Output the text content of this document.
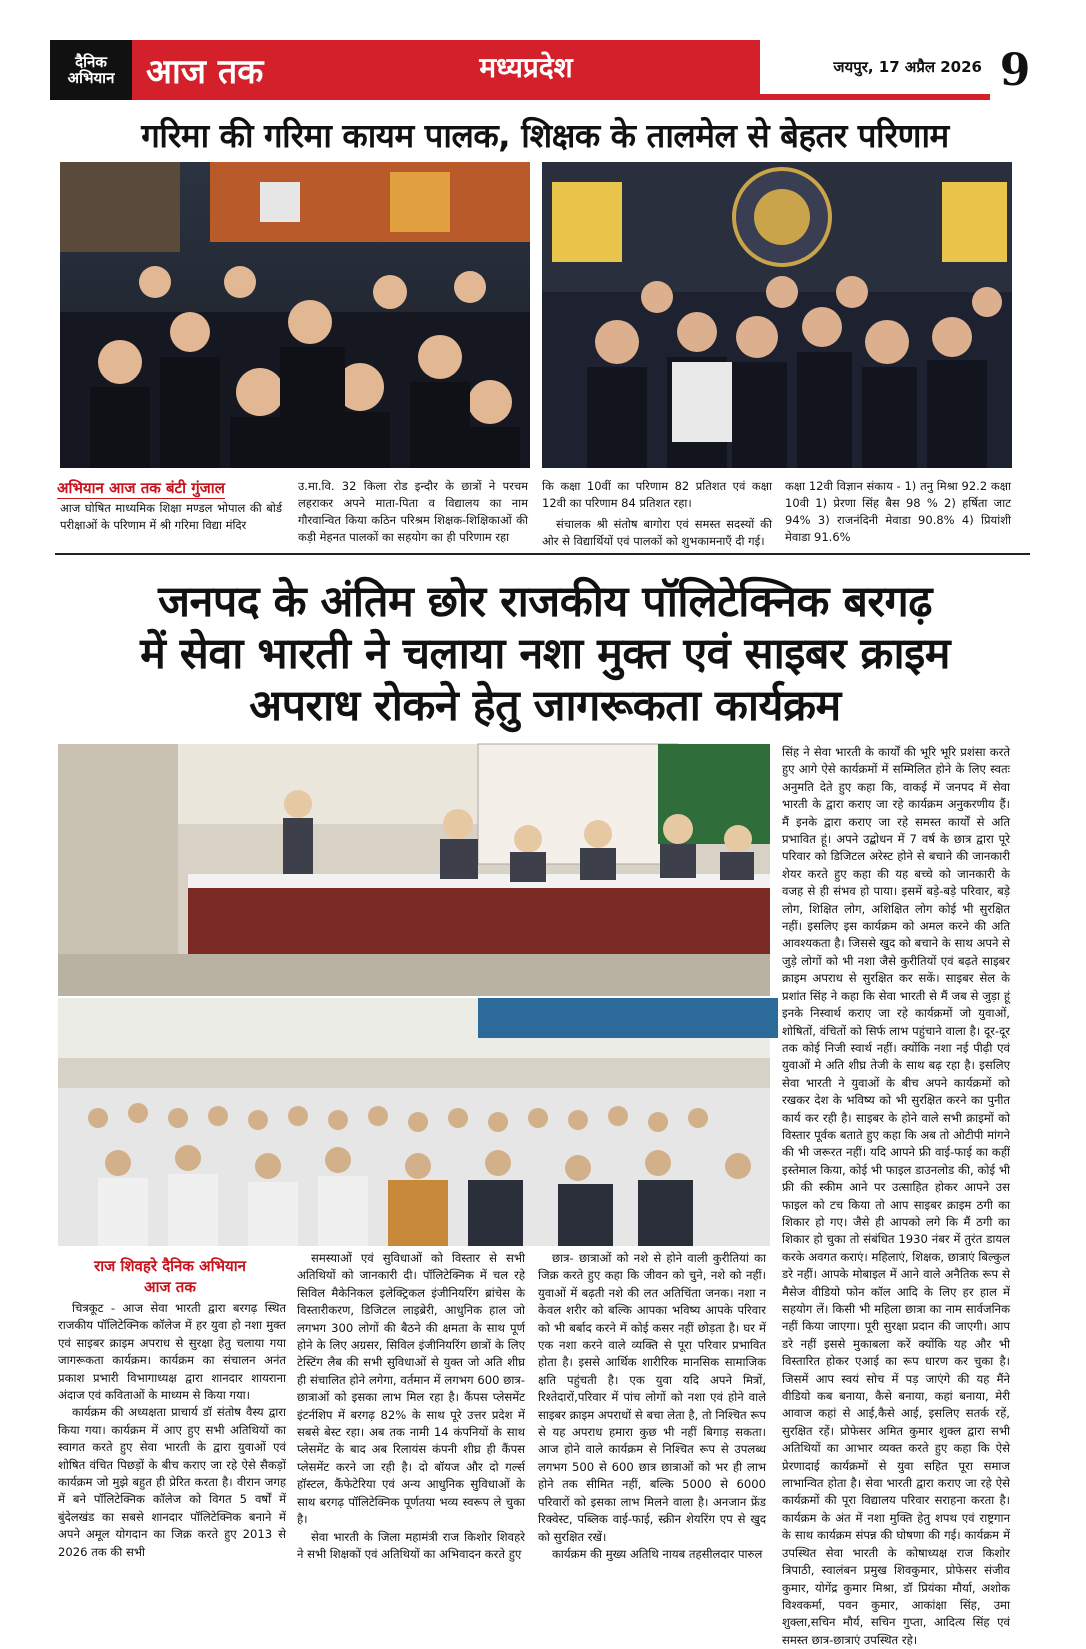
दैनिक
अभियान आज तक	मध्यप्रदेश	जयपुर, 17 अप्रैल 2026 9
गरिमा की गरिमा कायम पालक, शिक्षक के तालमेल से बेहतर परिणाम
अभियान आज तक बंटी गुंजाल
आज घोषित माध्यमिक शिक्षा मण्डल भोपाल की बोर्ड परीक्षाओं के परिणाम में श्री गरिमा विद्या मंदिर
उ.मा.वि. 32 किला रोड इन्दौर के छात्रों ने परचम लहराकर अपने माता-पिता व विद्यालय का नाम गौरवान्वित किया कठिन परिश्रम शिक्षक-शिक्षिकाओं की कड़ी मेहनत पालकों का सहयोग का ही परिणाम रहा
कि कक्षा 10वीं का परिणाम 82 प्रतिशत एवं कक्षा 12वी का परिणाम 84 प्रतिशत रहा।
संचालक श्री संतोष बागोरा एवं समस्त सदस्यों की ओर से विद्यार्थियों एवं पालकों को शुभकामनाएँ दी गई।
कक्षा 12वी विज्ञान संकाय - 1) तनु मिश्रा 92.2 कक्षा 10वी 1) प्रेरणा सिंह बैस 98 % 2) हर्षिता जाट 94% 3) राजनंदिनी मेवाडा 90.8% 4) प्रियांशी मेवाडा 91.6%
जनपद के अंतिम छोर राजकीय पॉलिटेक्निक बरगढ़
में सेवा भारती ने चलाया नशा मुक्त एवं साइबर क्राइम
अपराध रोकने हेतु जागरूकता कार्यक्रम
राज शिवहरे दैनिक अभियान
आज तक

चित्रकूट - आज सेवा भारती द्वारा बरगढ़ स्थित राजकीय पॉलिटेक्निक कॉलेज में हर युवा हो नशा मुक्त एवं साइबर क्राइम अपराध से सुरक्षा हेतु चलाया गया जागरूकता कार्यक्रम। कार्यक्रम का संचालन अनंत प्रकाश प्रभारी विभागाध्यक्ष द्वारा शानदार शायराना अंदाज एवं कविताओं के माध्यम से किया गया।

कार्यक्रम की अध्यक्षता प्राचार्य डॉ संतोष वैस्य द्वारा किया गया। कार्यक्रम में आए हुए सभी अतिथियों का स्वागत करते हुए सेवा भारती के द्वारा युवाओं एवं शोषित वंचित पिछड़ों के बीच कराए जा रहे ऐसे सैकड़ों कार्यक्रम जो मुझे बहुत ही प्रेरित करता है। वीरान जगह में बने पॉलिटेक्निक कॉलेज को विगत 5 वर्षों में बुंदेलखंड का सबसे शानदार पॉलिटेक्निक बनाने में अपने अमूल योगदान का जिक्र करते हुए 2013 से 2026 तक की सभी

समस्याओं एवं सुविधाओं को विस्तार से सभी अतिथियों को जानकारी दी। पॉलिटेक्निक में चल रहे सिविल मैकेनिकल इलेक्ट्रिकल इंजीनियरिंग ब्रांचेस के विस्तारीकरण, डिजिटल लाइब्रेरी, आधुनिक हाल जो लगभग 300 लोगों की बैठने की क्षमता के साथ पूर्ण होने के लिए अग्रसर, सिविल इंजीनियरिंग छात्रों के लिए टेस्टिंग लैब की सभी सुविधाओं से युक्त जो अति शीघ्र ही संचालित होने लगेगा, वर्तमान में लगभग 600 छात्र-छात्राओं को इसका लाभ मिल रहा है। कैंपस प्लेसमेंट इंटर्नशिप में बरगढ़ 82% के साथ पूरे उत्तर प्रदेश में सबसे बेस्ट रहा। अब तक नामी 14 कंपनियों के साथ प्लेसमेंट के बाद अब रिलायंस कंपनी शीघ्र ही कैंपस प्लेसमेंट करने जा रही है। दो बॉयज और दो गर्ल्स हॉस्टल, कैंफेटेरिया एवं अन्य आधुनिक सुविधाओं के साथ बरगढ़ पॉलिटेक्निक पूर्णतया भव्य स्वरूप ले चुका है।

सेवा भारती के जिला महामंत्री राज किशोर शिवहरे ने सभी शिक्षकों एवं अतिथियों का अभिवादन करते हुए

छात्र- छात्राओं को नशे से होने वाली कुरीतियां का जिक्र करते हुए कहा कि जीवन को चुने, नशे को नहीं। युवाओं में बढ़ती नशे की लत अतिचिंता जनक। नशा न केवल शरीर को बल्कि आपका भविष्य आपके परिवार को भी बर्बाद करने में कोई कसर नहीं छोड़ता है। घर में एक नशा करने वाले व्यक्ति से पूरा परिवार प्रभावित होता है। इससे आर्थिक शारीरिक मानसिक सामाजिक क्षति पहुंचती है। एक युवा यदि अपने मित्रों, रिश्तेदारों,परिवार में पांच लोगों को नशा एवं होने वाले साइबर क्राइम अपराधों से बचा लेता है, तो निश्चित रूप से यह अपराध हमारा कुछ भी नहीं बिगाड़ सकता। आज होने वाले कार्यक्रम से निश्चित रूप से उपलब्ध लगभग 500 से 600 छात्र छात्राओं को भर ही लाभ होने तक सीमित नहीं, बल्कि 5000 से 6000 परिवारों को इसका लाभ मिलने वाला है। अनजान फ्रेंड रिक्वेस्ट, पब्लिक वाई-फाई, स्क्रीन शेयरिंग एप से खुद को सुरक्षित रखें।

कार्यक्रम की मुख्य अतिथि नायब तहसीलदार पारुल

सिंह ने सेवा भारती के कार्यों की भूरि भूरि प्रशंसा करते हुए आगे ऐसे कार्यक्रमों में सम्मिलित होने के लिए स्वतः अनुमति देते हुए कहा कि, वाकई में जनपद में सेवा भारती के द्वारा कराए जा रहे कार्यक्रम अनुकरणीय हैं। मैं इनके द्वारा कराए जा रहे समस्त कार्यों से अति प्रभावित हूं। अपने उद्बोधन में 7 वर्ष के छात्र द्वारा पूरे परिवार को डिजिटल अरेस्ट होने से बचाने की जानकारी शेयर करते हुए कहा की यह बच्चे को जानकारी के वजह से ही संभव हो पाया। इसमें बड़े-बड़े परिवार, बड़े लोग, शिक्षित लोग, अशिक्षित लोग कोई भी सुरक्षित नहीं। इसलिए इस कार्यक्रम को अमल करने की अति आवश्यकता है। जिससे खुद को बचाने के साथ अपने से जुड़े लोगों को भी नशा जैसे कुरीतियों एवं बढ़ते साइबर क्राइम अपराध से सुरक्षित कर सकें। साइबर सेल के प्रशांत सिंह ने कहा कि सेवा भारती से मैं जब से जुड़ा हूं इनके निस्वार्थ कराए जा रहे कार्यक्रमों जो युवाओं, शोषितों, वंचितों को सिर्फ लाभ पहुंचाने वाला है। दूर-दूर तक कोई निजी स्वार्थ नहीं। क्योंकि नशा नई पीढ़ी एवं युवाओं मे अति शीघ्र तेजी के साथ बढ़ रहा है। इसलिए सेवा भारती ने युवाओं के बीच अपने कार्यक्रमों को रखकर देश के भविष्य को भी सुरक्षित करने का पुनीत कार्य कर रही है। साइबर के होने वाले सभी क्राइमों को विस्तार पूर्वक बताते हुए कहा कि अब तो ओटीपी मांगने की भी जरूरत नहीं। यदि आपने फ्री वाई-फाई का कहीं इस्तेमाल किया, कोई भी फाइल डाउनलोड की, कोई भी फ्री की स्कीम आने पर उत्साहित होकर आपने उस फाइल को टच किया तो आप साइबर क्राइम ठगी का शिकार हो गए। जैसे ही आपको लगे कि मैं ठगी का शिकार हो चुका तो संबंधित 1930 नंबर में तुरंत डायल करके अवगत कराएं। महिलाएं, शिक्षक, छात्राएं बिल्कुल डरे नहीं। आपके मोबाइल में आने वाले अनैतिक रूप से मैसेज वीडियो फोन कॉल आदि के लिए हर हाल में सहयोग लें। किसी भी महिला छात्रा का नाम सार्वजनिक नहीं किया जाएगा। पूरी सुरक्षा प्रदान की जाएगी। आप डरे नहीं इससे मुकाबला करें क्योंकि यह और भी विस्तारित होकर एआई का रूप धारण कर चुका है। जिसमें आप स्वयं सोच में पड़ जाएंगे की यह मैंने वीडियो कब बनाया, कैसे बनाया, कहां बनाया, मेरी आवाज कहां से आई,कैसे आई, इसलिए सतर्क रहें, सुरक्षित रहें। प्रोफेसर अमित कुमार शुक्ल द्वारा सभी अतिथियों का आभार व्यक्त करते हुए कहा कि ऐसे प्रेरणादाई कार्यक्रमों से युवा सहित पूरा समाज लाभान्वित होता है। सेवा भारती द्वारा कराए जा रहे ऐसे कार्यक्रमों की पूरा विद्यालय परिवार सराहना करता है। कार्यक्रम के अंत में नशा मुक्ति हेतु शपथ एवं राष्ट्रगान के साथ कार्यक्रम संपन्न की घोषणा की गई। कार्यक्रम में उपस्थित सेवा भारती के कोषाध्यक्ष राज किशोर त्रिपाठी, स्वालंबन प्रमुख शिवकुमार, प्रोफेसर संजीव कुमार, योगेंद्र कुमार मिश्रा, डॉ प्रियंका मौर्या, अशोक विश्वकर्मा, पवन कुमार, आकांक्षा सिंह, उमा शुक्ला,सचिन मौर्य, सचिन गुप्ता, आदित्य सिंह एवं समस्त छात्र-छात्राएं उपस्थित रहे।
